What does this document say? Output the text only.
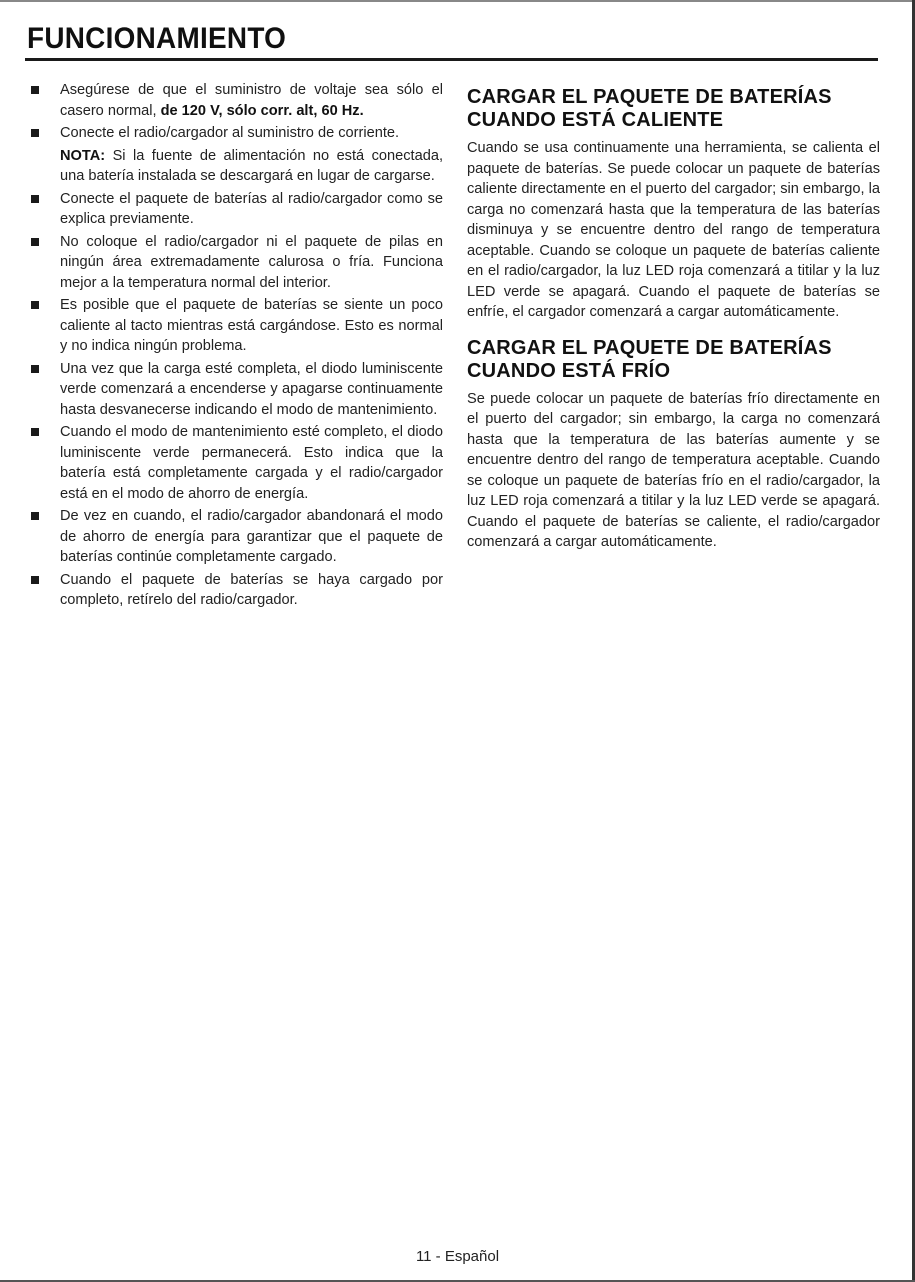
FUNCIONAMIENTO
Asegúrese de que el suministro de voltaje sea sólo el casero normal, de 120 V, sólo corr. alt, 60 Hz.
Conecte el radio/cargador al suministro de corriente.

NOTA: Si la fuente de alimentación no está conectada, una batería instalada se descargará en lugar de cargarse.

Conecte el paquete de baterías al radio/cargador como se explica previamente.
No coloque el radio/cargador ni el paquete de pilas en ningún área extremadamente calurosa o fría. Funciona mejor a la temperatura normal del interior.
Es posible que el paquete de baterías se siente un poco caliente al tacto mientras está cargándose. Esto es normal y no indica ningún problema.
Una vez que la carga esté completa, el diodo luminiscente verde comenzará a encenderse y apagarse continuamente hasta desvanecerse indicando el modo de mantenimiento.
Cuando el modo de mantenimiento esté completo, el diodo luminiscente verde permanecerá. Esto indica que la batería está completamente cargada y el radio/cargador está en el modo de ahorro de energía.
De vez en cuando, el radio/cargador abandonará el modo de ahorro de energía para garantizar que el paquete de baterías continúe completamente cargado.
Cuando el paquete de baterías se haya cargado por completo, retírelo del radio/cargador.
CARGAR EL PAQUETE DE BATERÍAS CUANDO ESTÁ CALIENTE

Cuando se usa continuamente una herramienta, se calienta el paquete de baterías. Se puede colocar un paquete de baterías caliente directamente en el puerto del cargador; sin embargo, la carga no comenzará hasta que la temperatura de las baterías disminuya y se encuentre dentro del rango de temperatura aceptable. Cuando se coloque un paquete de baterías caliente en el radio/cargador, la luz LED roja comenzará a titilar y la luz LED verde se apagará. Cuando el paquete de baterías se enfríe, el cargador comenzará a cargar automáticamente.

CARGAR EL PAQUETE DE BATERÍAS CUANDO ESTÁ FRÍO

Se puede colocar un paquete de baterías frío directamente en el puerto del cargador; sin embargo, la carga no comenzará hasta que la temperatura de las baterías aumente y se encuentre dentro del rango de temperatura aceptable. Cuando se coloque un paquete de baterías frío en el radio/cargador, la luz LED roja comenzará a titilar y la luz LED verde se apagará. Cuando el paquete de baterías se caliente, el radio/cargador comenzará a cargar automáticamente.

11 - Español
